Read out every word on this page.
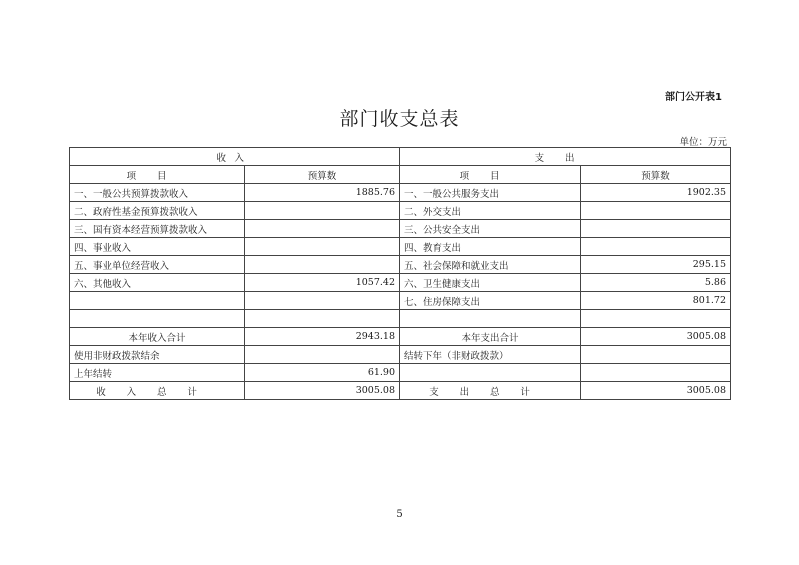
部门公开表1
部门收支总表
单位：万元
收入		支出	
项目	预算数	项目	预算数
一、一般公共预算拨款收入	1885.76	一、一般公共服务支出	1902.35
二、政府性基金预算拨款收入		二、外交支出	
三、国有资本经营预算拨款收入		三、公共安全支出	
四、事业收入		四、教育支出	
五、事业单位经营收入		五、社会保障和就业支出	295.15
六、其他收入	1057.42	六、卫生健康支出	5.86
		七、住房保障支出	801.72

本年收入合计	2943.18	本年支出合计	3005.08
使用非财政拨款结余		结转下年（非财政拨款）	
上年结转	61.90		
收入总计	3005.08	支出总计	3005.08
5
